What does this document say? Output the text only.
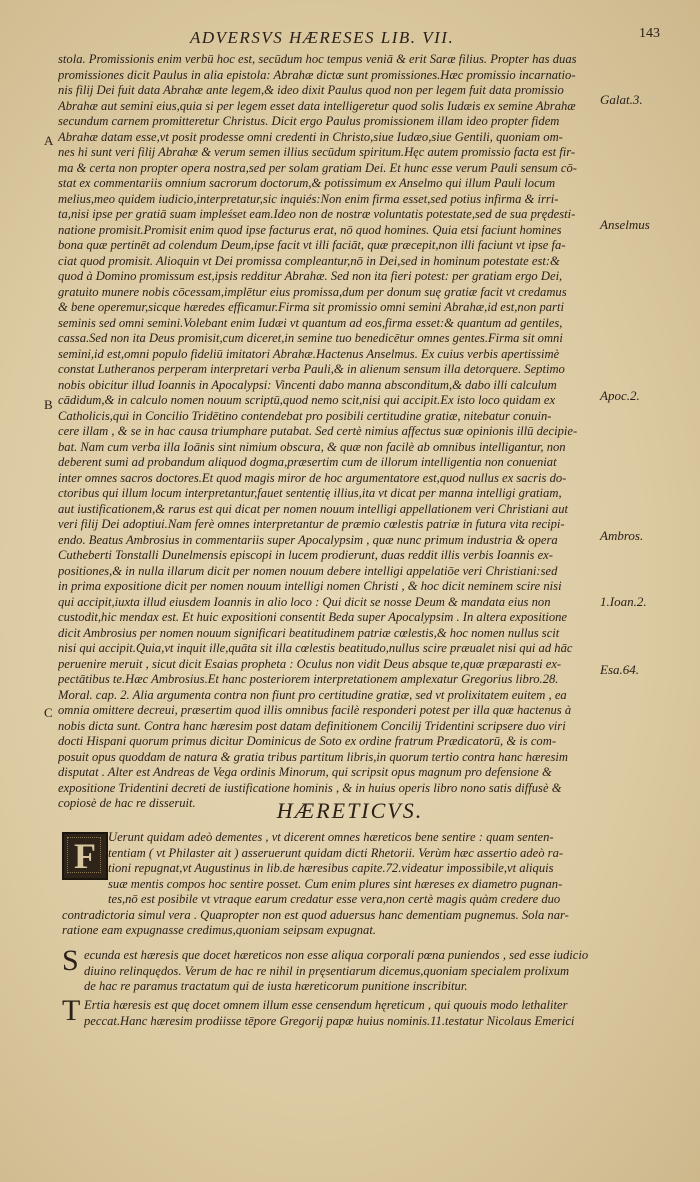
ADVERSVS HÆRESES LIB. VII.	143
stola. Promissionis enim verbū hoc est, secūdum hoc tempus veniā & erit Saræ filius. Propter has duas
promissiones dicit Paulus in alia epistola: Abrahæ dictæ sunt promissiones.Hæc promissio incarnatio-
nis filij Dei fuit data Abrahæ ante legem,& ideo dixit Paulus quod non per legem fuit data promissio
Abrahæ aut semini eius,quia si per legem esset data intelligeretur quod solis Iudæis ex semine Abrahæ
secundum carnem promitteretur Christus. Dicit ergo Paulus promissionem illam ideo propter fidem
Abrahæ datam esse,vt posit prodesse omni credenti in Christo,siue Iudæo,siue Gentili, quoniam om-
nes hi sunt veri filij Abrahæ & verum semen illius secūdum spiritum.Hęc autem promissio facta est fir-
ma & certa non propter opera nostra,sed per solam gratiam Dei. Et hunc esse verum Pauli sensum cō-
stat ex commentariis omnium sacrorum doctorum,& potissimum ex Anselmo qui illum Pauli locum
melius,meo quidem iudicio,interpretatur,sic inquiés:Non enim firma esset,sed potius infirma & irri-
ta,nisi ipse per gratiā suam impleśset eam.Ideo non de nostræ voluntatis potestate,sed de sua prędesti-
natione promisit.Promisit enim quod ipse facturus erat, nō quod homines. Quia etsi faciunt homines
bona quæ pertinēt ad colendum Deum,ipse facit vt illi faciāt, quæ præcepit,non illi faciunt vt ipse fa-
ciat quod promisit. Alioquin vt Dei promissa compleantur,nō in Dei,sed in hominum potestate est:&
quod à Domino promissum est,ipsis redditur Abrahæ. Sed non ita fieri potest: per gratiam ergo Dei,
gratuito munere nobis cōcessam,implētur eius promissa,dum per donum suę gratiæ facit vt credamus
& bene operemur,sicque hæredes efficamur.Firma sit promissio omni semini Abrahæ,id est,non parti
seminis sed omni semini.Volebant enim Iudæi vt quantum ad eos,firma esset:& quantum ad gentiles,
cassa.Sed non ita Deus promisit,cum diceret,in semine tuo benedicētur omnes gentes.Firma sit omni
semini,id est,omni populo fideliū imitatori Abrahæ.Hactenus Anselmus. Ex cuius verbis apertissimè
constat Lutheranos perperam interpretari verba Pauli,& in alienum sensum illa detorquere. Septimo
nobis obicitur illud Ioannis in Apocalypsi: Vincenti dabo manna absconditum,& dabo illi calculum
cādidum,& in calculo nomen nouum scriptū,quod nemo scit,nisi qui accipit.Ex isto loco quidam ex
Catholicis,qui in Concilio Tridētino contendebat pro posibili certitudine gratiæ, nitebatur conuin-
cere illam , & se in hac causa triumphare putabat. Sed certè nimius affectus suæ opinionis illū decipie-
bat. Nam cum verba illa Ioānis sint nimium obscura, & quæ non facilè ab omnibus intelligantur, non
deberent sumi ad probandum aliquod dogma,præsertim cum de illorum intelligentia non conueniat
inter omnes sacros doctores.Et quod magis miror de hoc argumentatore est,quod nullus ex sacris do-
ctoribus qui illum locum interpretantur,fauet sententię illius,ita vt dicat per manna intelligi gratiam,
aut iustificationem,& rarus est qui dicat per nomen nouum intelligi appellationem veri Christiani aut
veri filij Dei adoptiui.Nam ferè omnes interpretantur de præmio cœlestis patriæ in futura vita recipi-
endo. Beatus Ambrosius in commentariis super Apocalypsim , quæ nunc primum industria & opera
Cutheberti Tonstalli Dunelmensis episcopi in lucem prodierunt, duas reddit illis verbis Ioannis ex-
positiones,& in nulla illarum dicit per nomen nouum debere intelligi appelatiōe veri Christiani:sed
in prima expositione dicit per nomen nouum intelligi nomen Christi , & hoc dicit neminem scire nisi
qui accipit,iuxta illud eiusdem Ioannis in alio loco : Qui dicit se nosse Deum & mandata eius non
custodit,hic mendax est. Et huic expositioni consentit Beda super Apocalypsim . In altera expositione
dicit Ambrosius per nomen nouum significari beatitudinem patriæ cœlestis,& hoc nomen nullus scit
nisi qui accipit.Quia,vt inquit ille,quāta sit illa cœlestis beatitudo,nullus scire præualet nisi qui ad hāc
peruenire meruit , sicut dicit Esaias propheta : Oculus non vidit Deus absque te,quæ præparasti ex-
pectātibus te.Hæc Ambrosius.Et hanc posteriorem interpretationem amplexatur Gregorius libro.28.
Moral. cap. 2. Alia argumenta contra non fiunt pro certitudine gratiæ, sed vt prolixitatem euitem , ea
omnia omittere decreui, præsertim quod illis omnibus facilè responderi potest per illa quæ hactenus à
nobis dicta sunt. Contra hanc hæresim post datam definitionem Concilij Tridentini scripsere duo viri
docti Hispani quorum primus dicitur Dominicus de Soto ex ordine fratrum Prædicatorū, & is com-
posuit opus quoddam de natura & gratia tribus partitum libris,in quorum tertio contra hanc hæresim
disputat . Alter est Andreas de Vega ordinis Minorum, qui scripsit opus magnum pro defensione &
expositione Tridentini decreti de iustificatione hominis , & in huius operis libro nono satis diffusè &
copiosè de hac re disseruit.
A
B
C
Galat.3.
Anselmus
Apoc.2.
Ambros.
1.Ioan.2.
Esa.64.
HÆRETICVS.
F Uerunt quidam adeò dementes , vt dicerent omnes hæreticos bene sentire : quam senten-
tentiam ( vt Philaster ait ) asseruerunt quidam dicti Rhetorii. Verùm hæc assertio adeò ra-
tioni repugnat,vt Augustinus in lib.de hæresibus capite.72.videatur impossibile,vt aliquis
suæ mentis compos hoc sentire posset. Cum enim plures sint hæreses ex diametro pugnan-
tes,nō est posibile vt vtraque earum credatur esse vera,non certè magis quàm credere duo
contradictoria simul vera . Quapropter non est quod aduersus hanc dementiam pugnemus. Sola nar-
ratione eam expugnasse credimus,quoniam seipsam expugnat.
S ecunda est hæresis que docet hæreticos non esse aliqua corporali pœna puniendos , sed esse iudicio
diuino relinquędos. Verum de hac re nihil in pręsentiarum dicemus,quoniam specialem prolixum
de hac re paramus tractatum qui de iusta hæreticorum punitione inscribitur.
T Ertia hæresis est quę docet omnem illum esse censendum hęreticum , qui quouis modo lethaliter
peccat.Hanc hæresim prodiisse tēpore Gregorij papæ huius nominis.11.testatur Nicolaus Emerici
